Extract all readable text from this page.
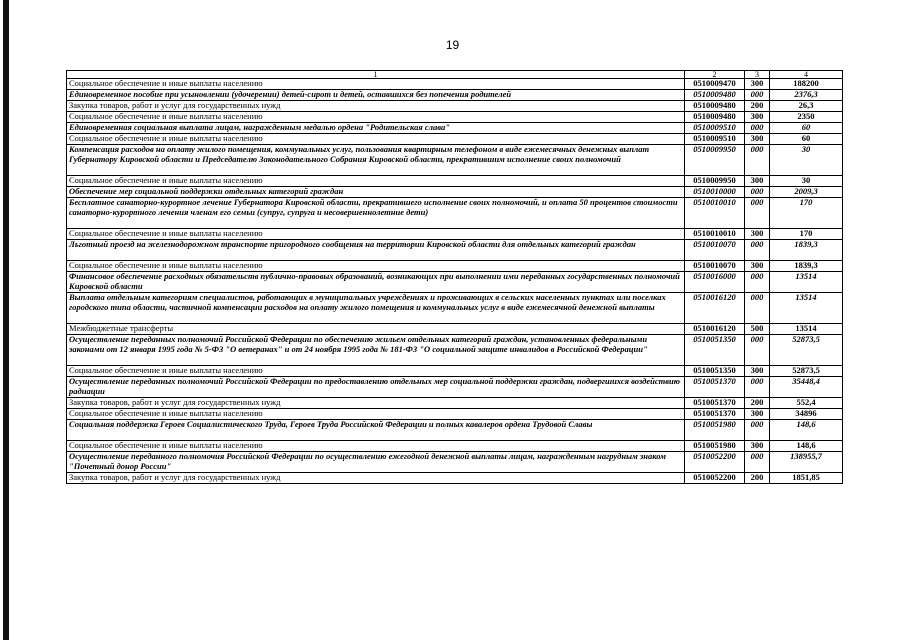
19
1	2	3	4
Социальное обеспечение и иные выплаты населению	0510009470	300	188200
Единовременное пособие при усыновлении (удочерении) детей-сирот и детей, оставшихся без попечения родителей	0510009480	000	2376,3
Закупка товаров, работ и услуг для государственных нужд	0510009480	200	26,3
Социальное обеспечение и иные выплаты населению	0510009480	300	2350
Единовременная социальная выплата лицам, награжденным медалью ордена "Родительская слава"	0510009510	000	60
Социальное обеспечение и иные выплаты населению	0510009510	300	60
Компенсация расходов на оплату жилого помещения, коммунальных услуг, пользования квартирным телефоном в виде ежемесячных денежных выплат Губернатору Кировской области и Председателю Законодательного Собрания Кировской области, прекратившим исполнение своих полномочий	0510009950	000	30
Социальное обеспечение и иные выплаты населению	0510009950	300	30
Обеспечение мер социальной поддержки отдельных категорий граждан	0510010000	000	2009,3
Бесплатное санаторно-курортное лечение Губернатора Кировской области, прекратившего исполнение своих полномочий, и оплата 50 процентов стоимости санаторно-курортного лечения членам его семьи (супруг, супруга и несовершеннолетние дети)	0510010010	000	170
Социальное обеспечение и иные выплаты населению	0510010010	300	170
Льготный проезд на железнодорожном транспорте пригородного сообщения на территории Кировской области для отдельных категорий граждан	0510010070	000	1839,3
Социальное обеспечение и иные выплаты населению	0510010070	300	1839,3
Финансовое обеспечение расходных обязательств публично-правовых образований, возникающих при выполнении ими переданных государственных полномочий Кировской области	0510016000	000	13514
Выплата отдельным категориям специалистов, работающих в муниципальных учреждениях и проживающих в сельских населенных пунктах или поселках городского типа области, частичной компенсации расходов на оплату жилого помещения и коммунальных услуг в виде ежемесячной денежной выплаты	0510016120	000	13514
Межбюджетные трансферты	0510016120	500	13514
Осуществление переданных полномочий Российской Федерации по обеспечению жильем отдельных категорий граждан, установленных федеральными законами от 12 января 1995 года № 5-ФЗ "О ветеранах" и от 24 ноября 1995 года № 181-ФЗ "О социальной защите инвалидов в Российской Федерации"	0510051350	000	52873,5
Социальное обеспечение и иные выплаты населению	0510051350	300	52873,5
Осуществление переданных полномочий Российской Федерации по предоставлению отдельных мер социальной поддержки граждан, подвергшихся воздействию радиации	0510051370	000	35448,4
Закупка товаров, работ и услуг для государственных нужд	0510051370	200	552,4
Социальное обеспечение и иные выплаты населению	0510051370	300	34896
Социальная поддержка Героев Социалистического Труда, Героев Труда Российской Федерации и полных кавалеров ордена Трудовой Славы	0510051980	000	148,6
Социальное обеспечение и иные выплаты населению	0510051980	300	148,6
Осуществление переданного полномочия Российской Федерации по осуществлению ежегодной денежной выплаты лицам, награжденным нагрудным знаком "Почетный донор России"	0510052200	000	138955,7
Закупка товаров, работ и услуг для государственных нужд	0510052200	200	1851,85
